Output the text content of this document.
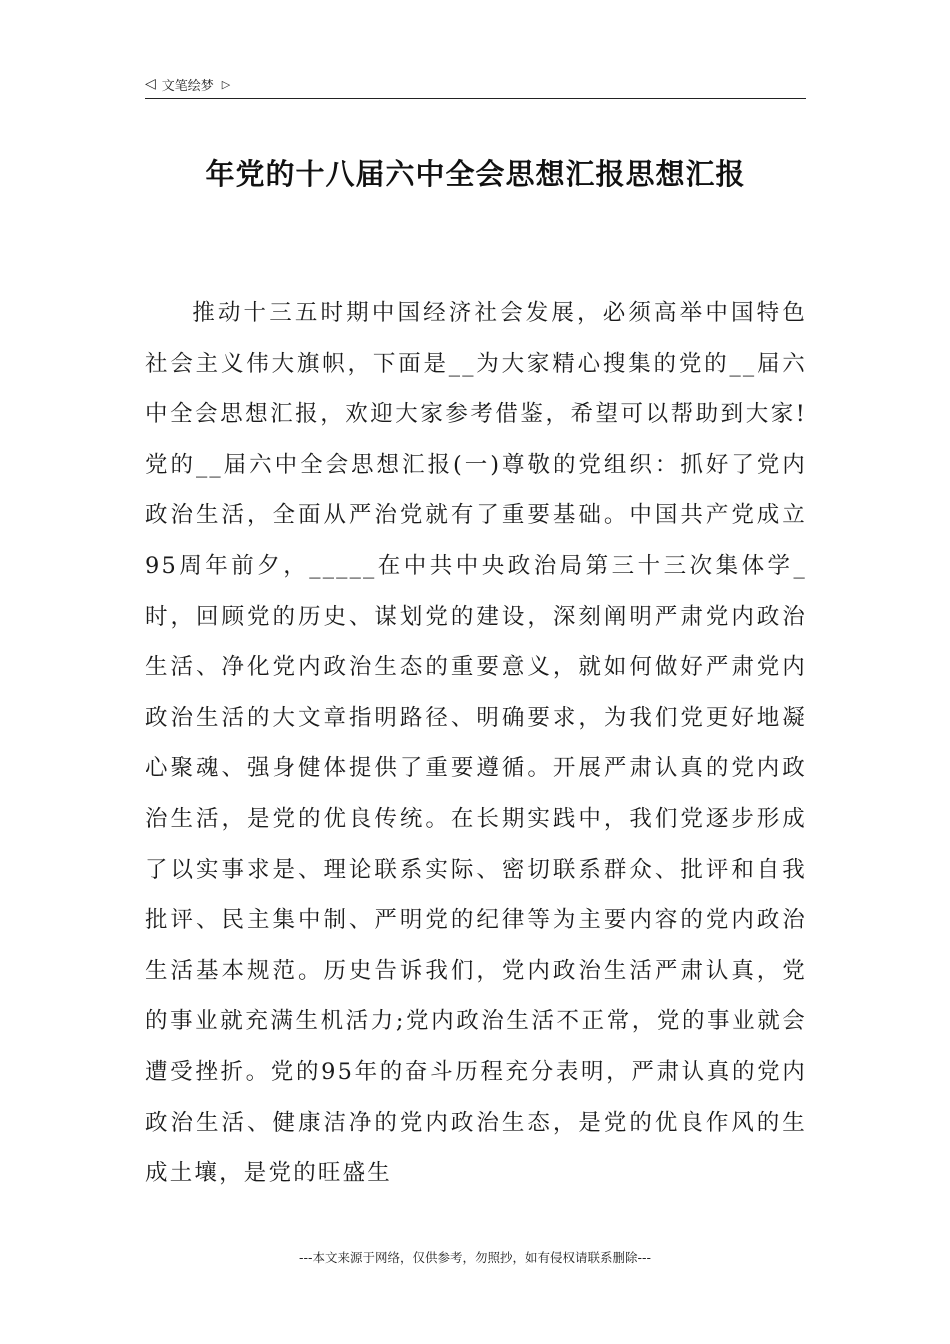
◁ 文笔绘梦 ▷
年党的十八届六中全会思想汇报思想汇报

推动十三五时期中国经济社会发展，必须高举中国特色社会主义伟大旗帜，下面是__为大家精心搜集的党的__届六中全会思想汇报，欢迎大家参考借鉴，希望可以帮助到大家!党的__届六中全会思想汇报(一)尊敬的党组织：抓好了党内政治生活，全面从严治党就有了重要基础。中国共产党成立95周年前夕，_____在中共中央政治局第三十三次集体学_时，回顾党的历史、谋划党的建设，深刻阐明严肃党内政治生活、净化党内政治生态的重要意义，就如何做好严肃党内政治生活的大文章指明路径、明确要求，为我们党更好地凝心聚魂、强身健体提供了重要遵循。开展严肃认真的党内政治生活，是党的优良传统。在长期实践中，我们党逐步形成了以实事求是、理论联系实际、密切联系群众、批评和自我批评、民主集中制、严明党的纪律等为主要内容的党内政治生活基本规范。历史告诉我们，党内政治生活严肃认真，党的事业就充满生机活力;党内政治生活不正常，党的事业就会遭受挫折。党的95年的奋斗历程充分表明，严肃认真的党内政治生活、健康洁净的党内政治生态，是党的优良作风的生成土壤，是党的旺盛生

---本文来源于网络，仅供参考，勿照抄，如有侵权请联系删除---
